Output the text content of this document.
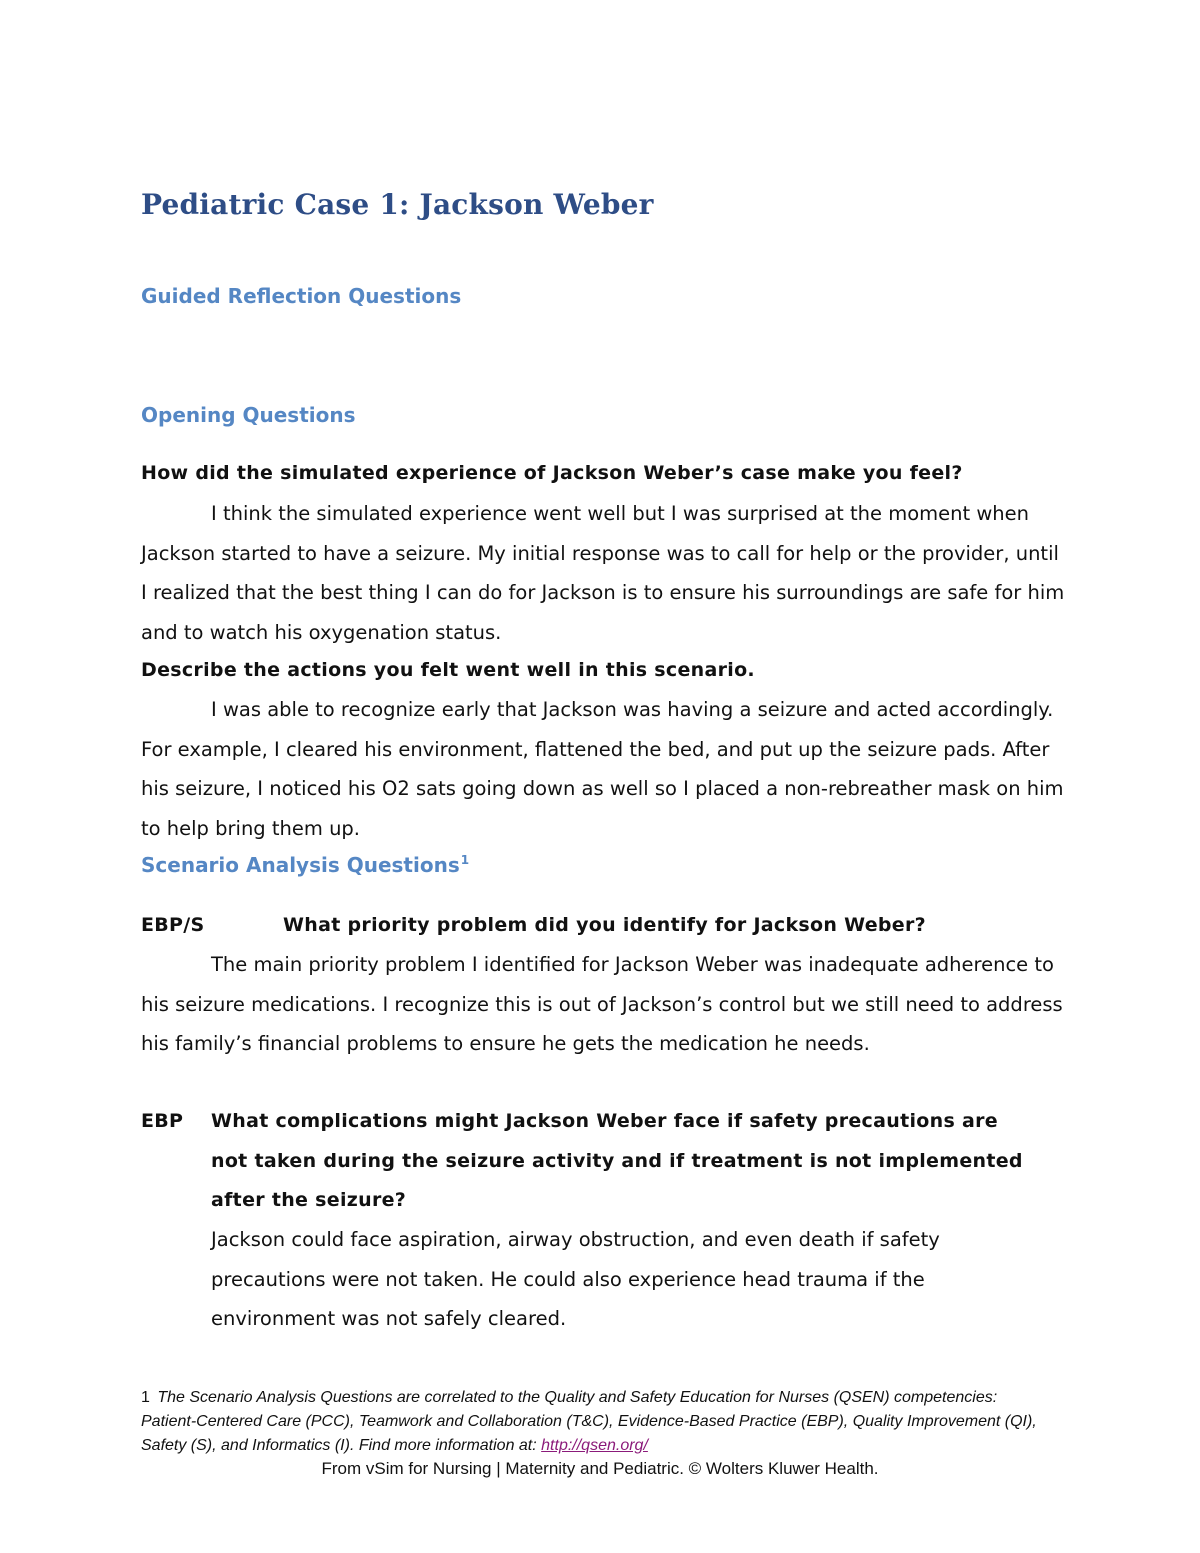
Pediatric Case 1: Jackson Weber
Guided Reflection Questions
Opening Questions

How did the simulated experience of Jackson Weber’s case make you feel?

I think the simulated experience went well but I was surprised at the moment when Jackson started to have a seizure. My initial response was to call for help or the provider, until I realized that the best thing I can do for Jackson is to ensure his surroundings are safe for him and to watch his oxygenation status.

Describe the actions you felt went well in this scenario.

I was able to recognize early that Jackson was having a seizure and acted accordingly. For example, I cleared his environment, flattened the bed, and put up the seizure pads. After his seizure, I noticed his O2 sats going down as well so I placed a non-rebreather mask on him to help bring them up.

Scenario Analysis Questions$^1$
EBP/S	What priority problem did you identify for Jackson Weber?

The main priority problem I identified for Jackson Weber was inadequate adherence to his seizure medications. I recognize this is out of Jackson’s control but we still need to address his family’s financial problems to ensure he gets the medication he needs.

EBP	What complications might Jackson Weber face if safety precautions are not taken during the seizure activity and if treatment is not implemented after the seizure?

Jackson could face aspiration, airway obstruction, and even death if safety precautions were not taken. He could also experience head trauma if the environment was not safely cleared.

1 The Scenario Analysis Questions are correlated to the Quality and Safety Education for Nurses (QSEN) competencies: Patient-Centered Care (PCC), Teamwork and Collaboration (T&C), Evidence-Based Practice (EBP), Quality Improvement (QI), Safety (S), and Informatics (I). Find more information at: http://qsen.org/

From vSim for Nursing | Maternity and Pediatric. © Wolters Kluwer Health.
